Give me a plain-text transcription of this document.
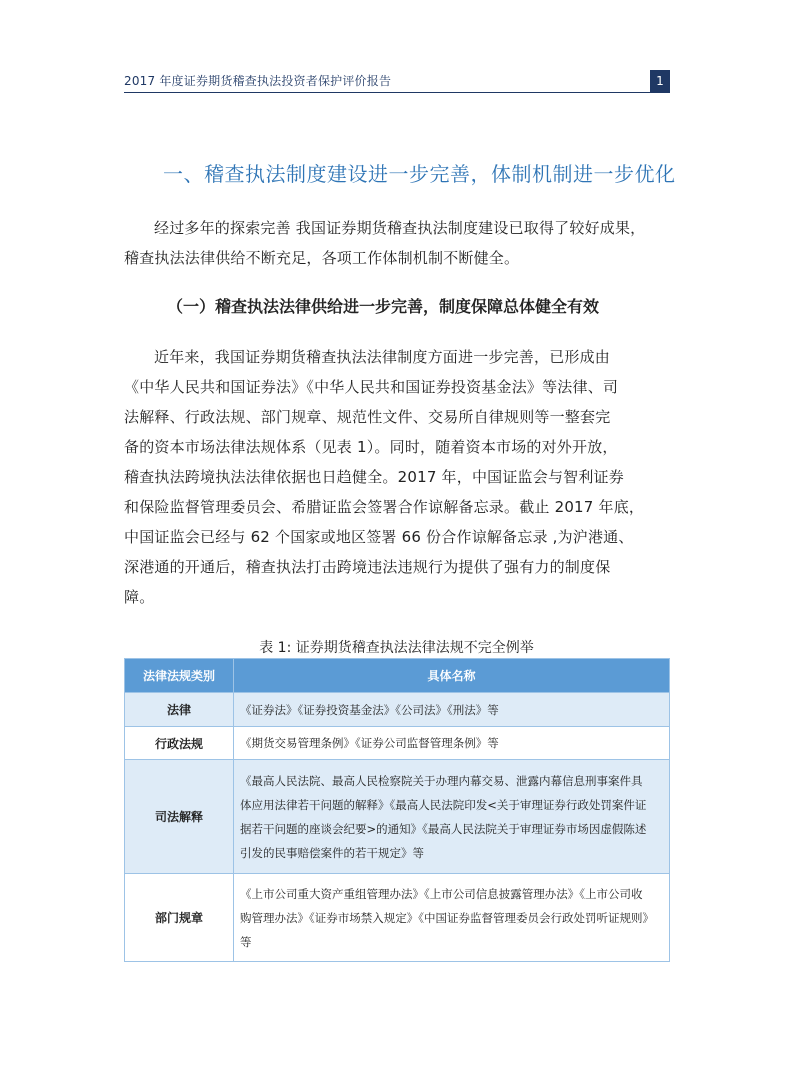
2017 年度证券期货稽查执法投资者保护评价报告	1
一、稽查执法制度建设进一步完善，体制机制进一步优化
经过多年的探索完善 我国证券期货稽查执法制度建设已取得了较好成果，
稽查执法法律供给不断充足，各项工作体制机制不断健全。
（一）稽查执法法律供给进一步完善，制度保障总体健全有效
近年来，我国证券期货稽查执法法律制度方面进一步完善，已形成由
《中华人民共和国证券法》《中华人民共和国证券投资基金法》等法律、司
法解释、行政法规、部门规章、规范性文件、交易所自律规则等一整套完
备的资本市场法律法规体系（见表 1）。同时，随着资本市场的对外开放，
稽查执法跨境执法法律依据也日趋健全。2017 年，中国证监会与智利证券
和保险监督管理委员会、希腊证监会签署合作谅解备忘录。截止 2017 年底，
中国证监会已经与 62 个国家或地区签署 66 份合作谅解备忘录 ,为沪港通、
深港通的开通后，稽查执法打击跨境违法违规行为提供了强有力的制度保
障。
表 1: 证券期货稽查执法法律法规不完全例举
法律法规类别	具体名称
法律	《证券法》《证券投资基金法》《公司法》《刑法》等

行政法规	《期货交易管理条例》《证券公司监督管理条例》等

司法解释	《最高人民法院、最高人民检察院关于办理内幕交易、泄露内幕信息刑事案件具
体应用法律若干问题的解释》《最高人民法院印发<关于审理证券行政处罚案件证
据若干问题的座谈会纪要>的通知》《最高人民法院关于审理证券市场因虚假陈述
引发的民事赔偿案件的若干规定》等

部门规章	《上市公司重大资产重组管理办法》《上市公司信息披露管理办法》《上市公司收
购管理办法》《证券市场禁入规定》《中国证券监督管理委员会行政处罚听证规则》
等
